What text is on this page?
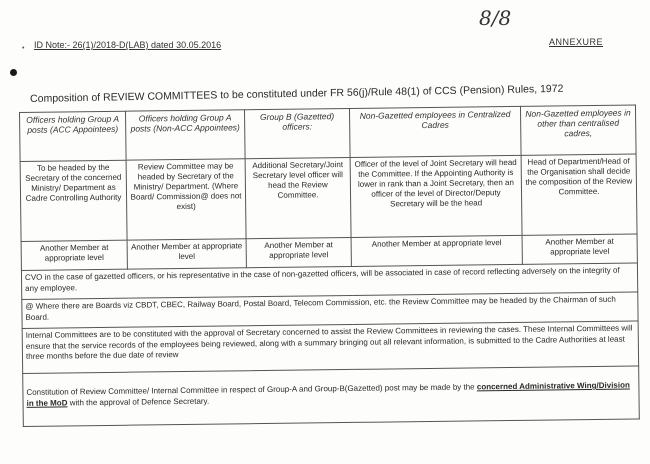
8/8
• ID Note:- 26(1)/2018-D(LAB) dated 30.05.2016	ANNEXURE
Composition of REVIEW COMMITTEES to be constituted under FR 56(j)/Rule 48(1) of CCS (Pension) Rules, 1972
Officers holding Group A posts (ACC Appointees)	Officers holding Group A posts (Non-ACC Appointees)	Group B (Gazetted) officers:	Non-Gazetted employees in Centralized Cadres	Non-Gazetted employees in other than centralised cadres,
To be headed by the Secretary of the concerned Ministry/ Department as Cadre Controlling Authority	Review Committee may be headed by Secretary of the Ministry/ Department. (Where Board/ Commission@ does not exist)	Additional Secretary/Joint Secretary level officer will head the Review Committee.	Officer of the level of Joint Secretary will head the Committee. If the Appointing Authority is lower in rank than a Joint Secretary, then an officer of the level of Director/Deputy Secretary will be the head	Head of Department/Head of the Organisation shall decide the composition of the Review Committee.
Another Member at appropriate level	Another Member at appropriate level	Another Member at appropriate level	Another Member at appropriate level	Another Member at appropriate level
CVO in the case of gazetted officers, or his representative in the case of non-gazetted officers, will be associated in case of record reflecting adversely on the integrity of any employee.				
@ Where there are Boards viz CBDT, CBEC, Railway Board, Postal Board, Telecom Commission, etc. the Review Committee may be headed by the Chairman of such Board.				
Internal Committees are to be constituted with the approval of Secretary concerned to assist the Review Committees in reviewing the cases. These Internal Committees will ensure that the service records of the employees being reviewed, along with a summary bringing out all relevant information, is submitted to the Cadre Authorities at least three months before the due date of review				
Constitution of Review Committee/ Internal Committee in respect of Group-A and Group-B(Gazetted) post may be made by the concerned Administrative Wing/Division in the MoD with the approval of Defence Secretary.				
